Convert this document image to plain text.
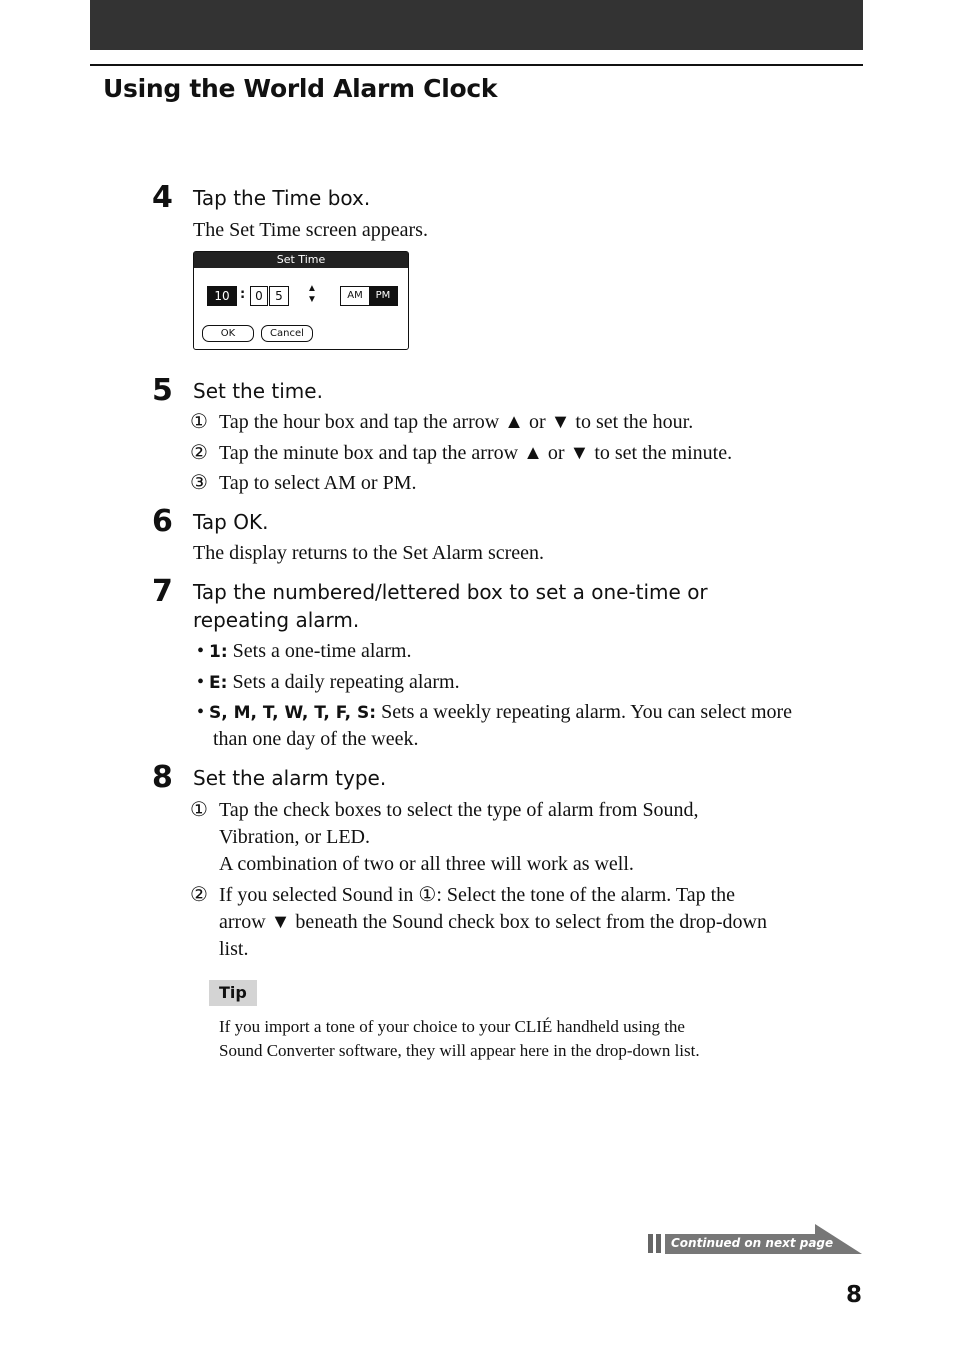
Using the World Alarm Clock
4 Tap the Time box.
The Set Time screen appears.
Set Time
10 : 0	5
▲
▼	AM	PM
OK	Cancel
5 Set the time.
① Tap the hour box and tap the arrow ▲ or ▼ to set the hour.
② Tap the minute box and tap the arrow ▲ or ▼ to set the minute.
③ Tap to select AM or PM.
6 Tap OK.
The display returns to the Set Alarm screen.
7 Tap the numbered/lettered box to set a one-time or
repeating alarm.
• 1: Sets a one-time alarm.
• E: Sets a daily repeating alarm.
• S, M, T, W, T, F, S: Sets a weekly repeating alarm. You can select more
than one day of the week.
8 Set the alarm type.
① Tap the check boxes to select the type of alarm from Sound,
Vibration, or LED.
A combination of two or all three will work as well.
② If you selected Sound in ①: Select the tone of the alarm. Tap the
arrow ▼ beneath the Sound check box to select from the drop-down
list.
Tip
If you import a tone of your choice to your CLIÉ handheld using the
Sound Converter software, they will appear here in the drop-down list.
Continued on next page
8
